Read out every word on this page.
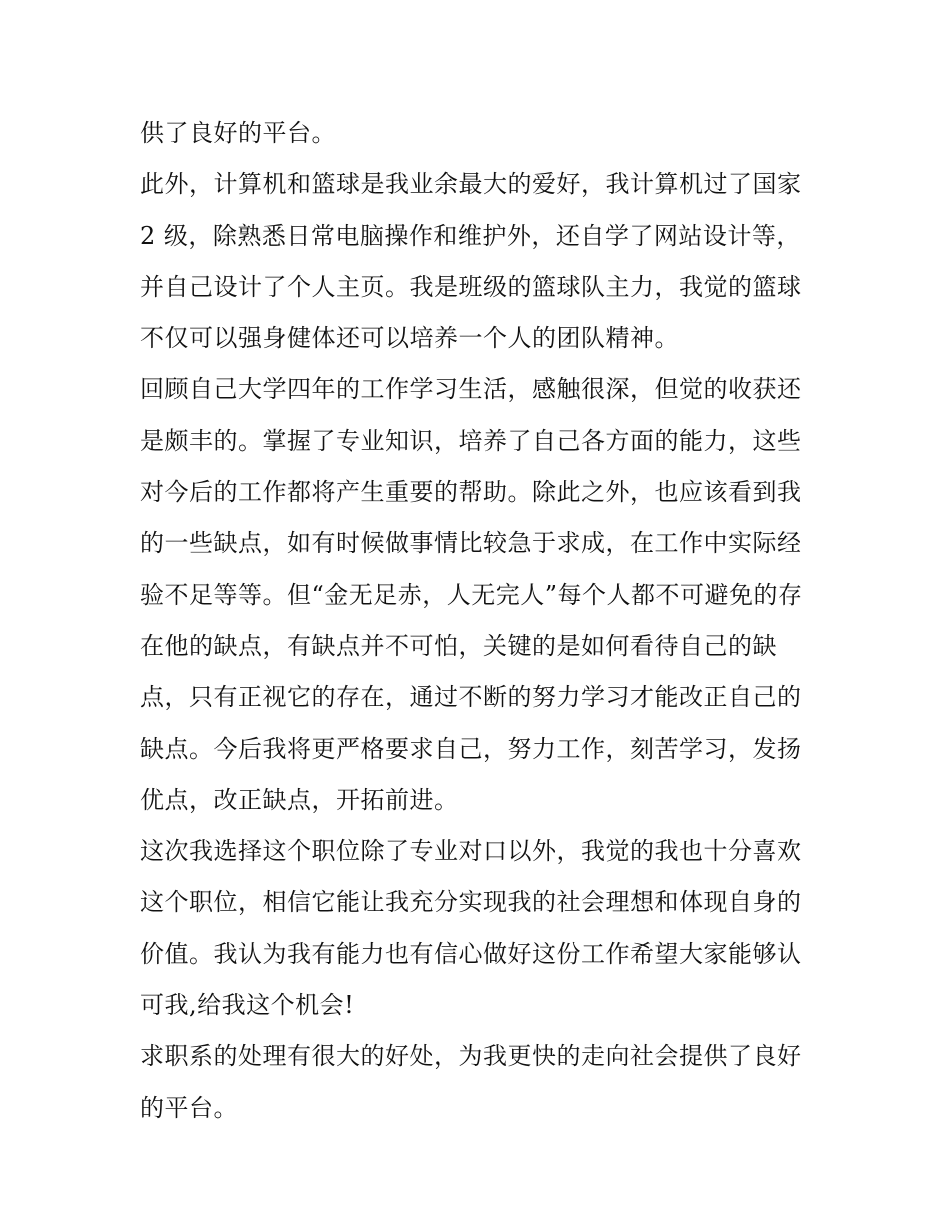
供了良好的平台。
此外，计算机和篮球是我业余最大的爱好，我计算机过了国家
2 级，除熟悉日常电脑操作和维护外，还自学了网站设计等，
并自己设计了个人主页。我是班级的篮球队主力，我觉的篮球
不仅可以强身健体还可以培养一个人的团队精神。
回顾自己大学四年的工作学习生活，感触很深，但觉的收获还
是颇丰的。掌握了专业知识，培养了自己各方面的能力，这些
对今后的工作都将产生重要的帮助。除此之外，也应该看到我
的一些缺点，如有时候做事情比较急于求成，在工作中实际经
验不足等等。但“金无足赤，人无完人”每个人都不可避免的存
在他的缺点，有缺点并不可怕，关键的是如何看待自己的缺
点，只有正视它的存在，通过不断的努力学习才能改正自己的
缺点。今后我将更严格要求自己，努力工作，刻苦学习，发扬
优点，改正缺点，开拓前进。
这次我选择这个职位除了专业对口以外，我觉的我也十分喜欢
这个职位，相信它能让我充分实现我的社会理想和体现自身的
价值。我认为我有能力也有信心做好这份工作希望大家能够认
可我,给我这个机会!
求职系的处理有很大的好处，为我更快的走向社会提供了良好
的平台。
